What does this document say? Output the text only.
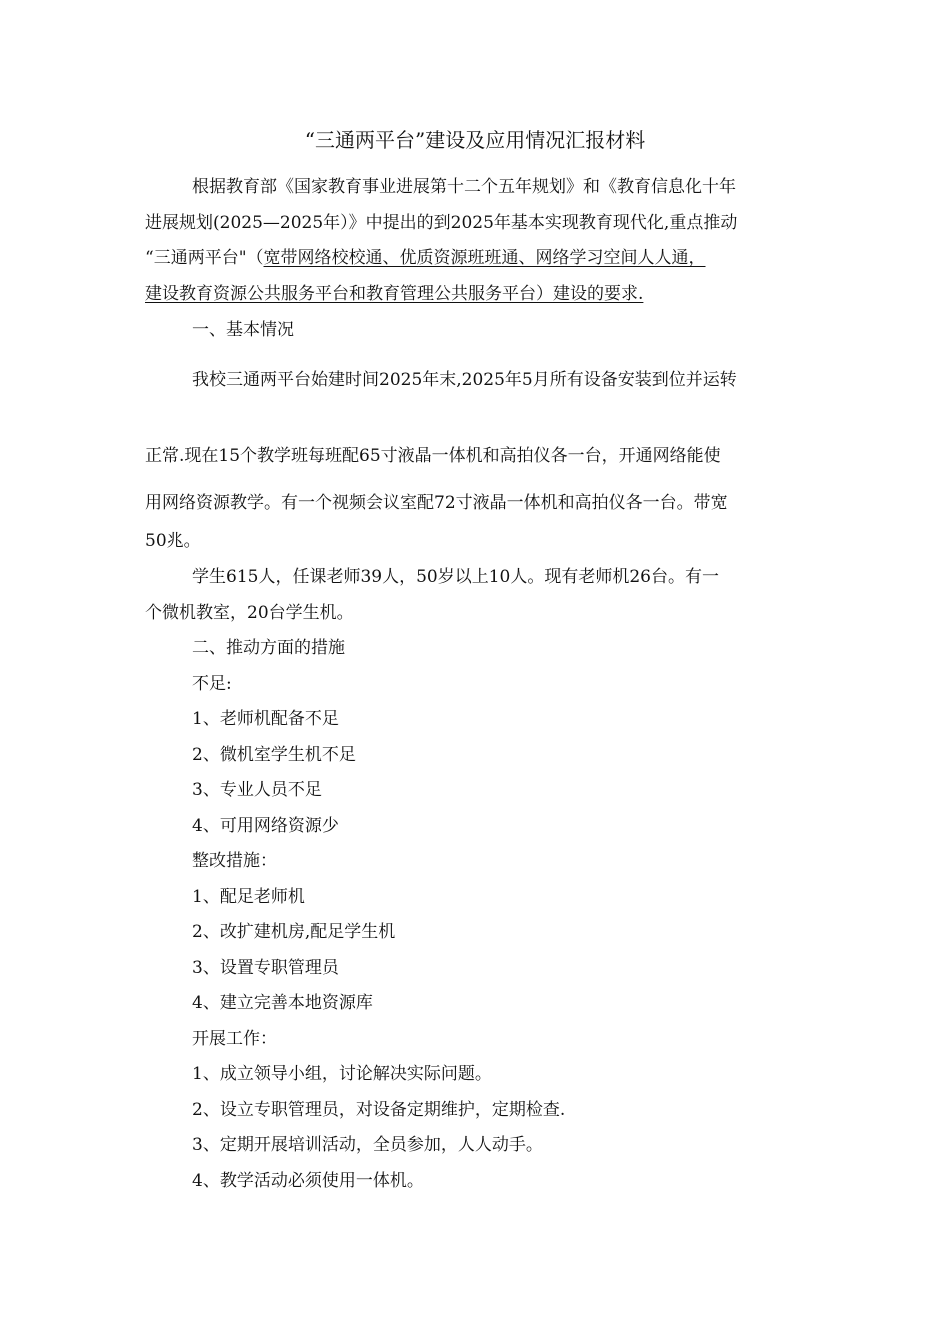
“三通两平台”建设及应用情况汇报材料
根据教育部《国家教育事业进展第十二个五年规划》和《教育信息化十年
进展规划(2025—2025年）》中提出的到2025年基本实现教育现代化,重点推动
“三通两平台"（宽带网络校校通、优质资源班班通、网络学习空间人人通，
建设教育资源公共服务平台和教育管理公共服务平台）建设的要求.
一、基本情况
我校三通两平台始建时间2025年末,2025年5月所有设备安装到位并运转
正常.现在15个教学班每班配65寸液晶一体机和高拍仪各一台，开通网络能使
用网络资源教学。有一个视频会议室配72寸液晶一体机和高拍仪各一台。带宽
50兆。
学生615人，任课老师39人，50岁以上10人。现有老师机26台。有一
个微机教室，20台学生机。
二、推动方面的措施
不足:
1、老师机配备不足
2、微机室学生机不足
3、专业人员不足
4、可用网络资源少
整改措施：
1、配足老师机
2、改扩建机房,配足学生机
3、设置专职管理员
4、建立完善本地资源库
开展工作：
1、成立领导小组，讨论解决实际问题。
2、设立专职管理员，对设备定期维护，定期检查.
3、定期开展培训活动，全员参加，人人动手。
4、教学活动必须使用一体机。
